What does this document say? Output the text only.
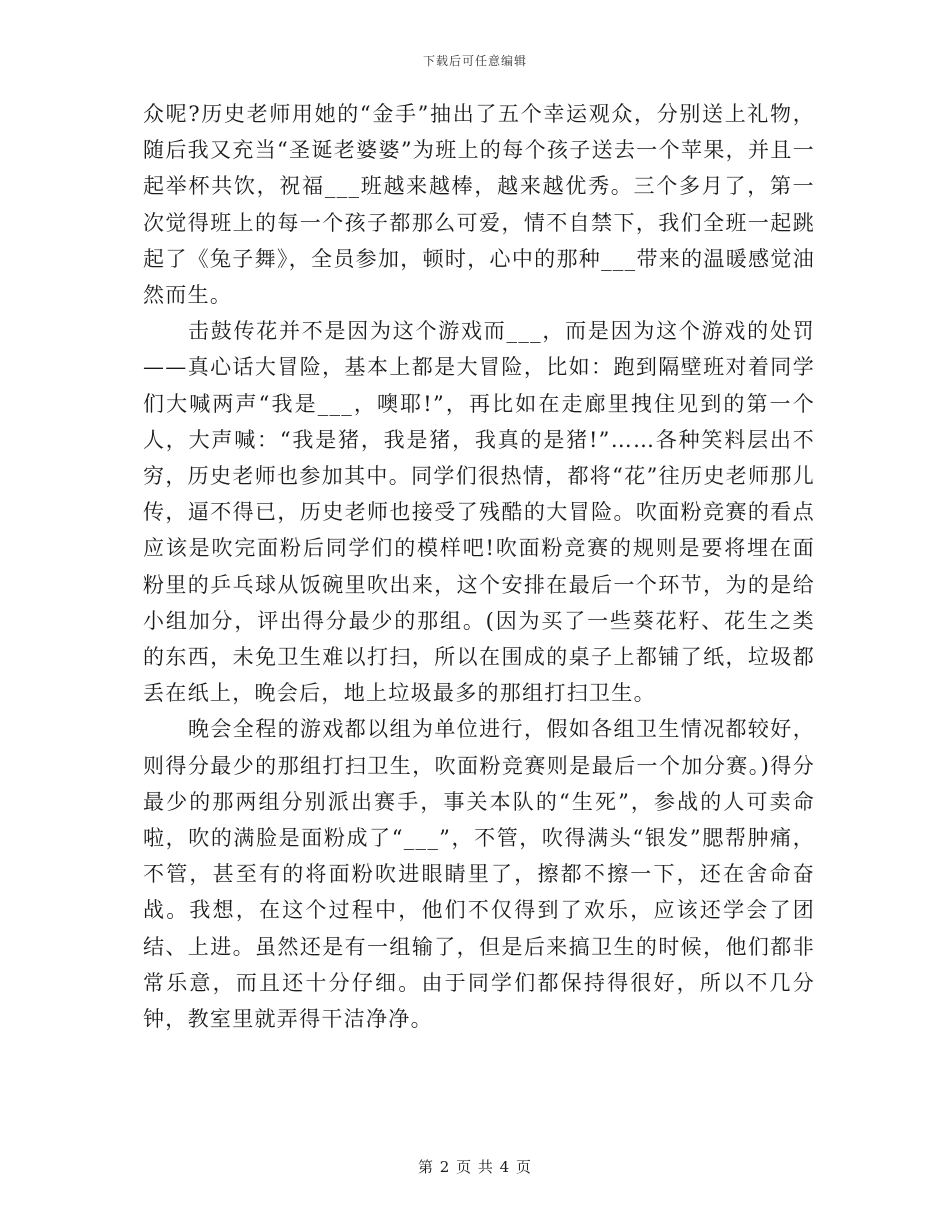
下载后可任意编辑

众呢?历史老师用她的“金手”抽出了五个幸运观众，分别送上礼物，随后我又充当“圣诞老婆婆”为班上的每个孩子送去一个苹果，并且一起举杯共饮，祝福___班越来越棒，越来越优秀。三个多月了，第一次觉得班上的每一个孩子都那么可爱，情不自禁下，我们全班一起跳起了《兔子舞》，全员参加，顿时，心中的那种___带来的温暖感觉油然而生。

击鼓传花并不是因为这个游戏而___，而是因为这个游戏的处罚——真心话大冒险，基本上都是大冒险，比如：跑到隔壁班对着同学们大喊两声“我是___，噢耶!”，再比如在走廊里拽住见到的第一个人，大声喊：“我是猪，我是猪，我真的是猪!”……各种笑料层出不穷，历史老师也参加其中。同学们很热情，都将“花”往历史老师那儿传，逼不得已，历史老师也接受了残酷的大冒险。吹面粉竞赛的看点应该是吹完面粉后同学们的模样吧!吹面粉竞赛的规则是要将埋在面粉里的乒乓球从饭碗里吹出来，这个安排在最后一个环节，为的是给小组加分，评出得分最少的那组。(因为买了一些葵花籽、花生之类的东西，未免卫生难以打扫，所以在围成的桌子上都铺了纸，垃圾都丢在纸上，晚会后，地上垃圾最多的那组打扫卫生。

晚会全程的游戏都以组为单位进行，假如各组卫生情况都较好，则得分最少的那组打扫卫生，吹面粉竞赛则是最后一个加分赛。)得分最少的那两组分别派出赛手，事关本队的“生死”，参战的人可卖命啦，吹的满脸是面粉成了“___”，不管，吹得满头“银发”腮帮肿痛，不管，甚至有的将面粉吹进眼睛里了，擦都不擦一下，还在舍命奋战。我想，在这个过程中，他们不仅得到了欢乐，应该还学会了团结、上进。虽然还是有一组输了，但是后来搞卫生的时候，他们都非常乐意，而且还十分仔细。由于同学们都保持得很好，所以不几分钟，教室里就弄得干洁净净。

第 2 页 共 4 页
